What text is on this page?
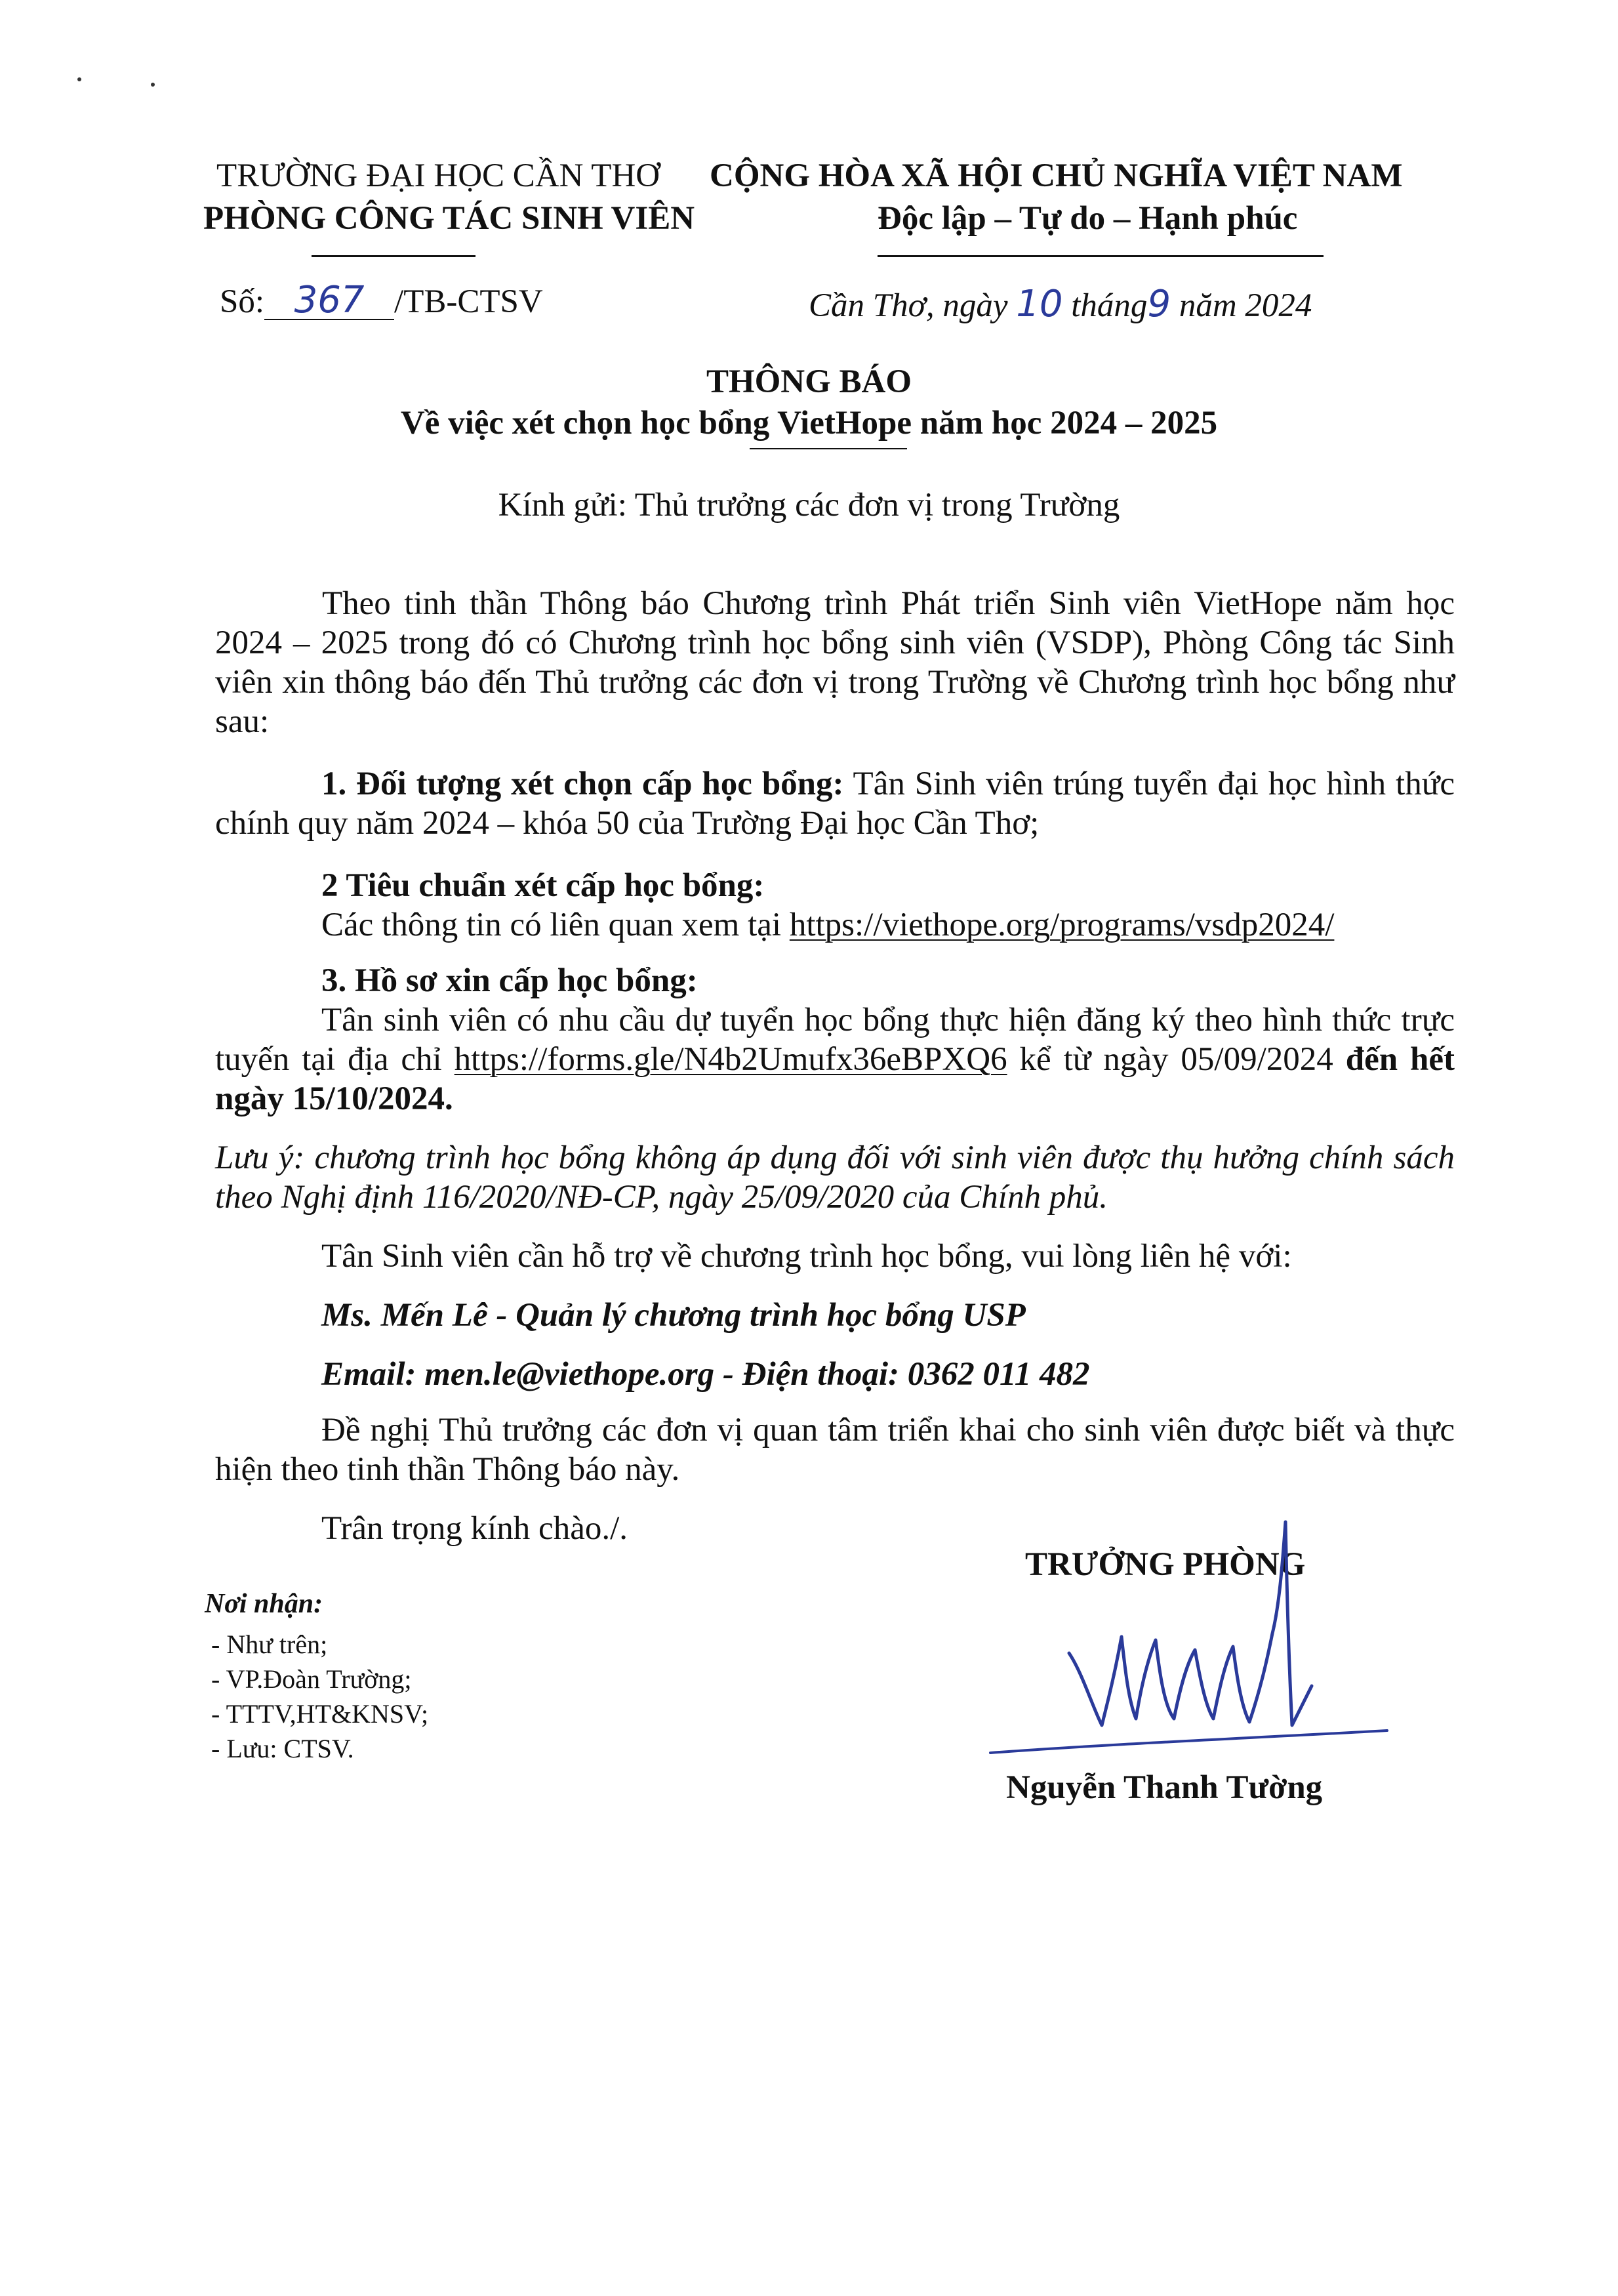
TRƯỜNG ĐẠI HỌC CẦN THƠ
PHÒNG CÔNG TÁC SINH VIÊN
CỘNG HÒA XÃ HỘI CHỦ NGHĨA VIỆT NAM
Độc lập – Tự do – Hạnh phúc
Số: 367 /TB-CTSV	Cần Thơ, ngày 10 tháng9 năm 2024
THÔNG BÁO
Về việc xét chọn học bổng VietHope năm học 2024 – 2025
Kính gửi: Thủ trưởng các đơn vị trong Trường
Theo tinh thần Thông báo Chương trình Phát triển Sinh viên VietHope năm học 2024 – 2025 trong đó có Chương trình học bổng sinh viên (VSDP), Phòng Công tác Sinh viên xin thông báo đến Thủ trưởng các đơn vị trong Trường về Chương trình học bổng như sau:
1. Đối tượng xét chọn cấp học bổng: Tân Sinh viên trúng tuyển đại học hình thức chính quy năm 2024 – khóa 50 của Trường Đại học Cần Thơ;
2 Tiêu chuẩn xét cấp học bổng:
Các thông tin có liên quan xem tại https://viethope.org/programs/vsdp2024/
3. Hồ sơ xin cấp học bổng:
Tân sinh viên có nhu cầu dự tuyển học bổng thực hiện đăng ký theo hình thức trực tuyến tại địa chỉ https://forms.gle/N4b2Umufx36eBPXQ6 kể từ ngày 05/09/2024 đến hết ngày 15/10/2024.
Lưu ý: chương trình học bổng không áp dụng đối với sinh viên được thụ hưởng chính sách theo Nghị định 116/2020/NĐ-CP, ngày 25/09/2020 của Chính phủ.
Tân Sinh viên cần hỗ trợ về chương trình học bổng, vui lòng liên hệ với:
Ms. Mến Lê - Quản lý chương trình học bổng USP
Email: men.le@viethope.org - Điện thoại: 0362 011 482
Đề nghị Thủ trưởng các đơn vị quan tâm triển khai cho sinh viên được biết và thực hiện theo tinh thần Thông báo này.
Trân trọng kính chào./.
Nơi nhận:
- Như trên;
- VP.Đoàn Trường;
- TTTV,HT&KNSV;
- Lưu: CTSV.
TRƯỞNG PHÒNG
Nguyễn Thanh Tường
